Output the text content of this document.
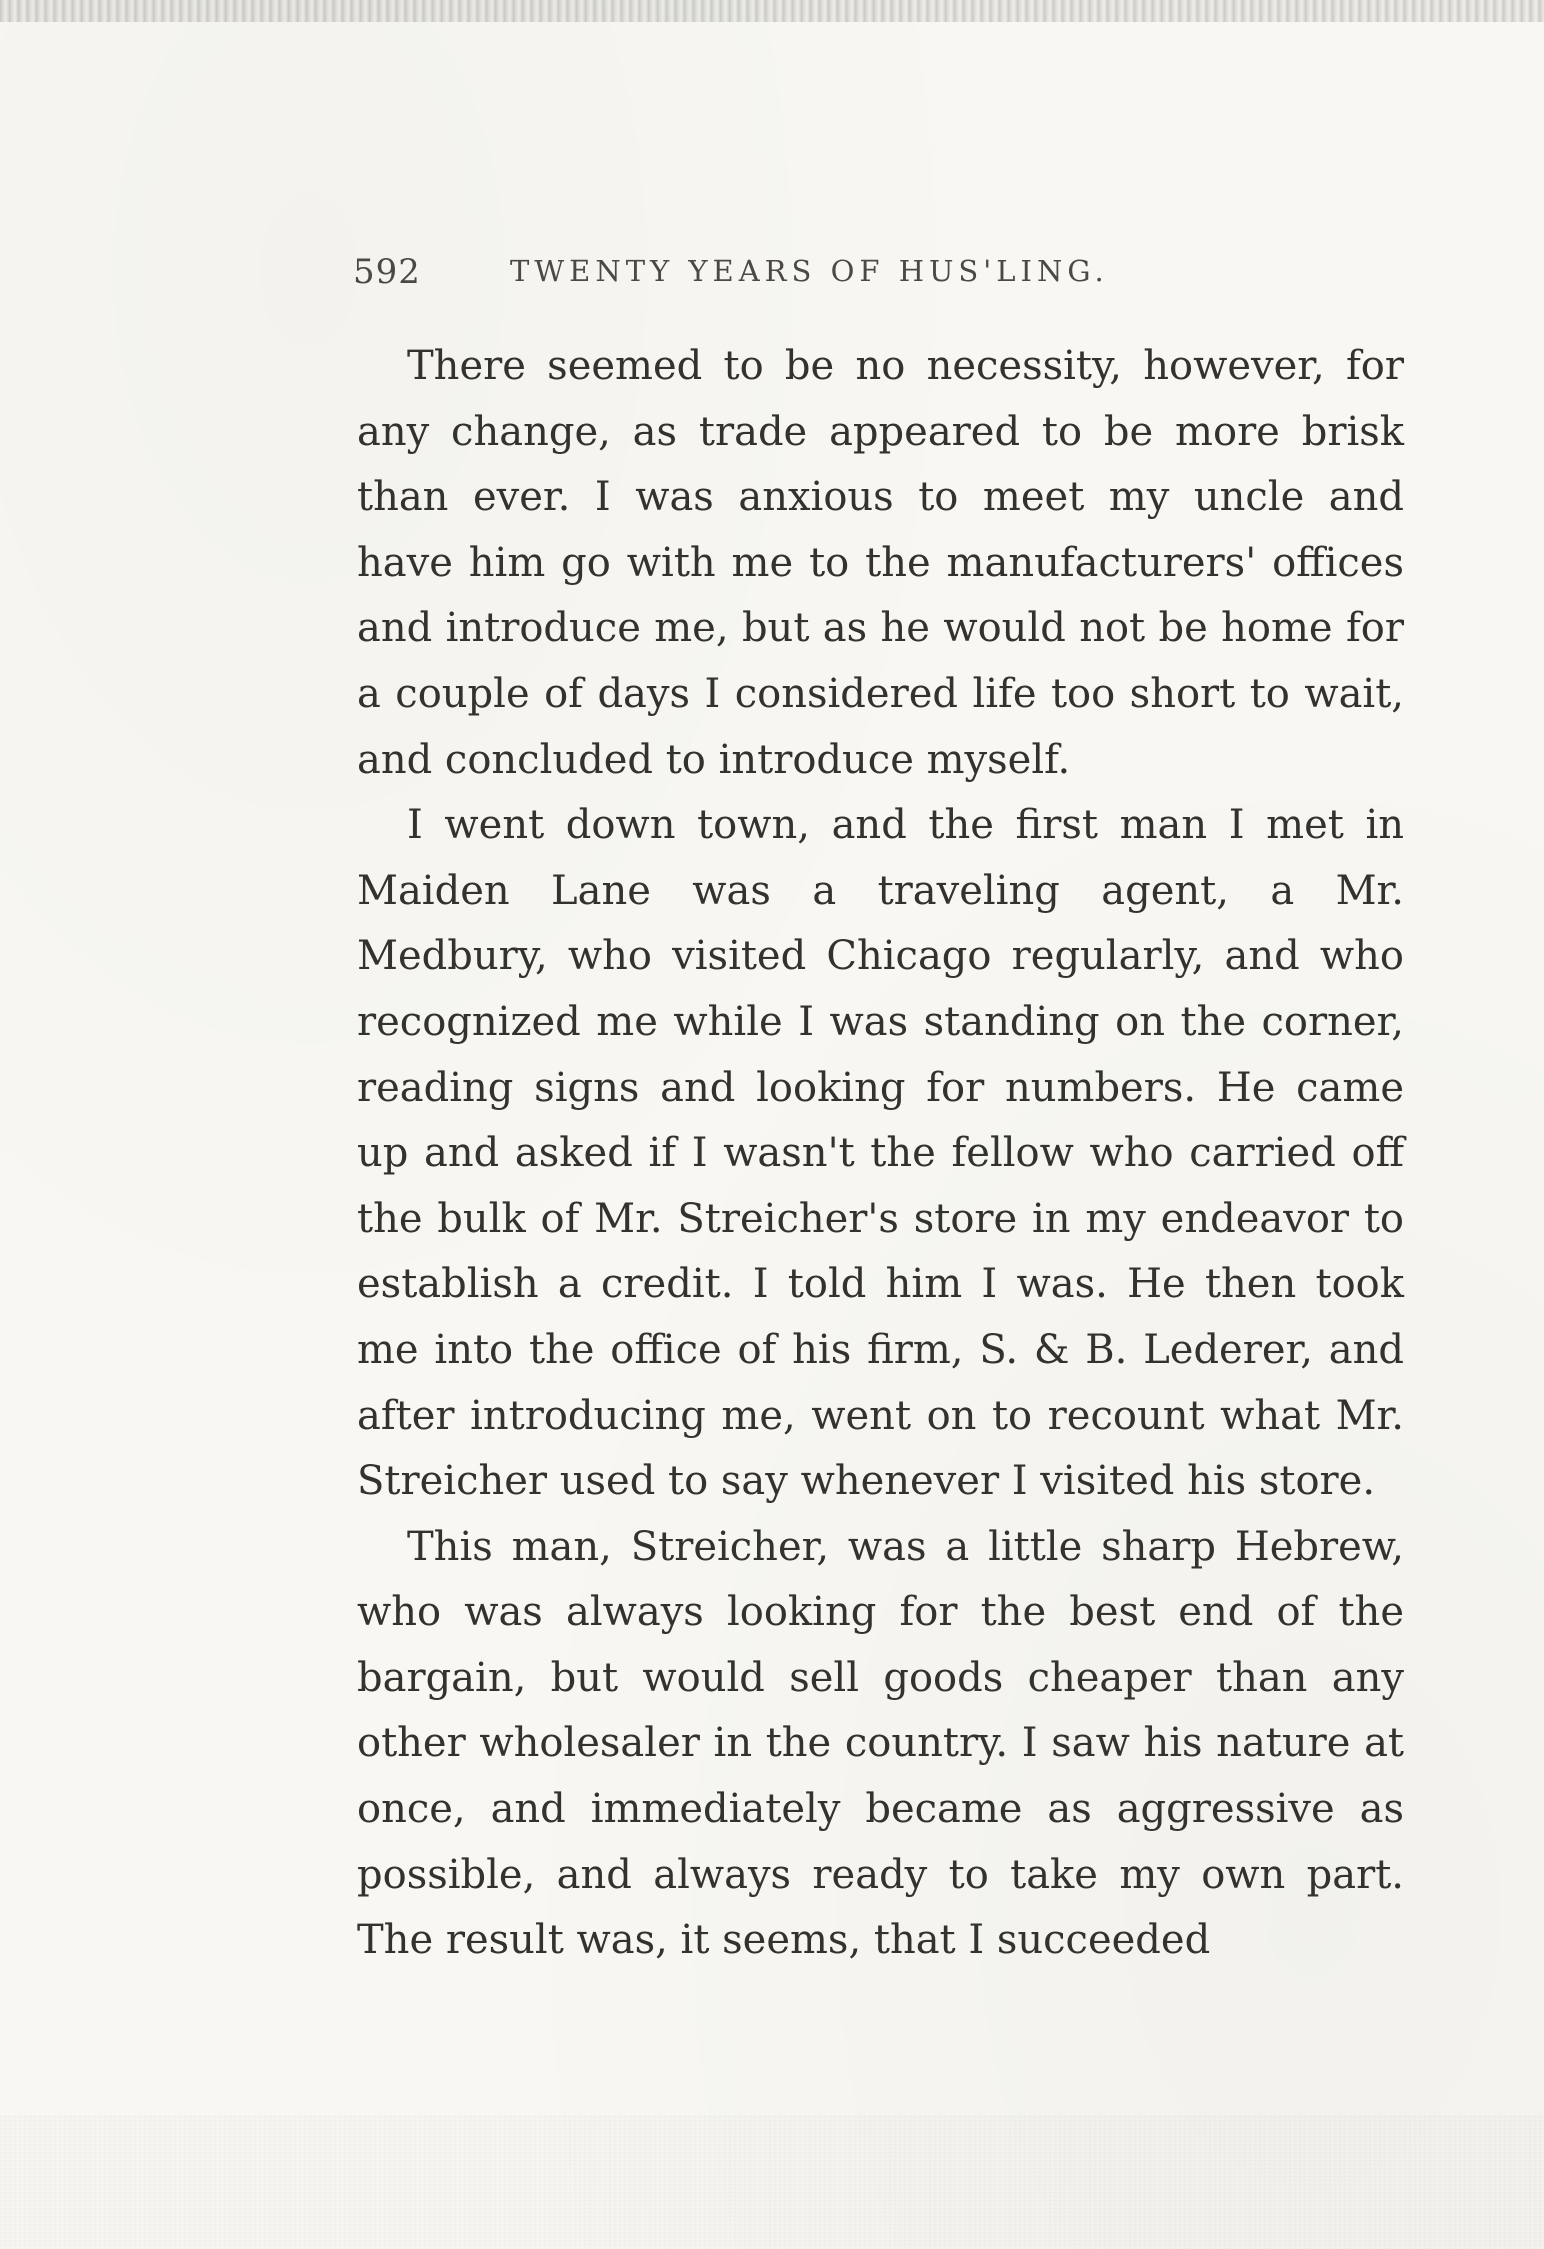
592	TWENTY YEARS OF HUS'LING.

There seemed to be no necessity, however, for any change, as trade appeared to be more brisk than ever. I was anxious to meet my uncle and have him go with me to the manufacturers' offices and introduce me, but as he would not be home for a couple of days I considered life too short to wait, and concluded to introduce myself.

I went down town, and the first man I met in Maiden Lane was a traveling agent, a Mr. Medbury, who visited Chicago regularly, and who recognized me while I was standing on the corner, reading signs and looking for numbers. He came up and asked if I wasn't the fellow who carried off the bulk of Mr. Streicher's store in my endeavor to establish a credit. I told him I was. He then took me into the office of his firm, S. & B. Lederer, and after introducing me, went on to recount what Mr. Streicher used to say whenever I visited his store.

This man, Streicher, was a little sharp Hebrew, who was always looking for the best end of the bargain, but would sell goods cheaper than any other wholesaler in the country. I saw his nature at once, and immediately became as aggressive as possible, and always ready to take my own part. The result was, it seems, that I succeeded
